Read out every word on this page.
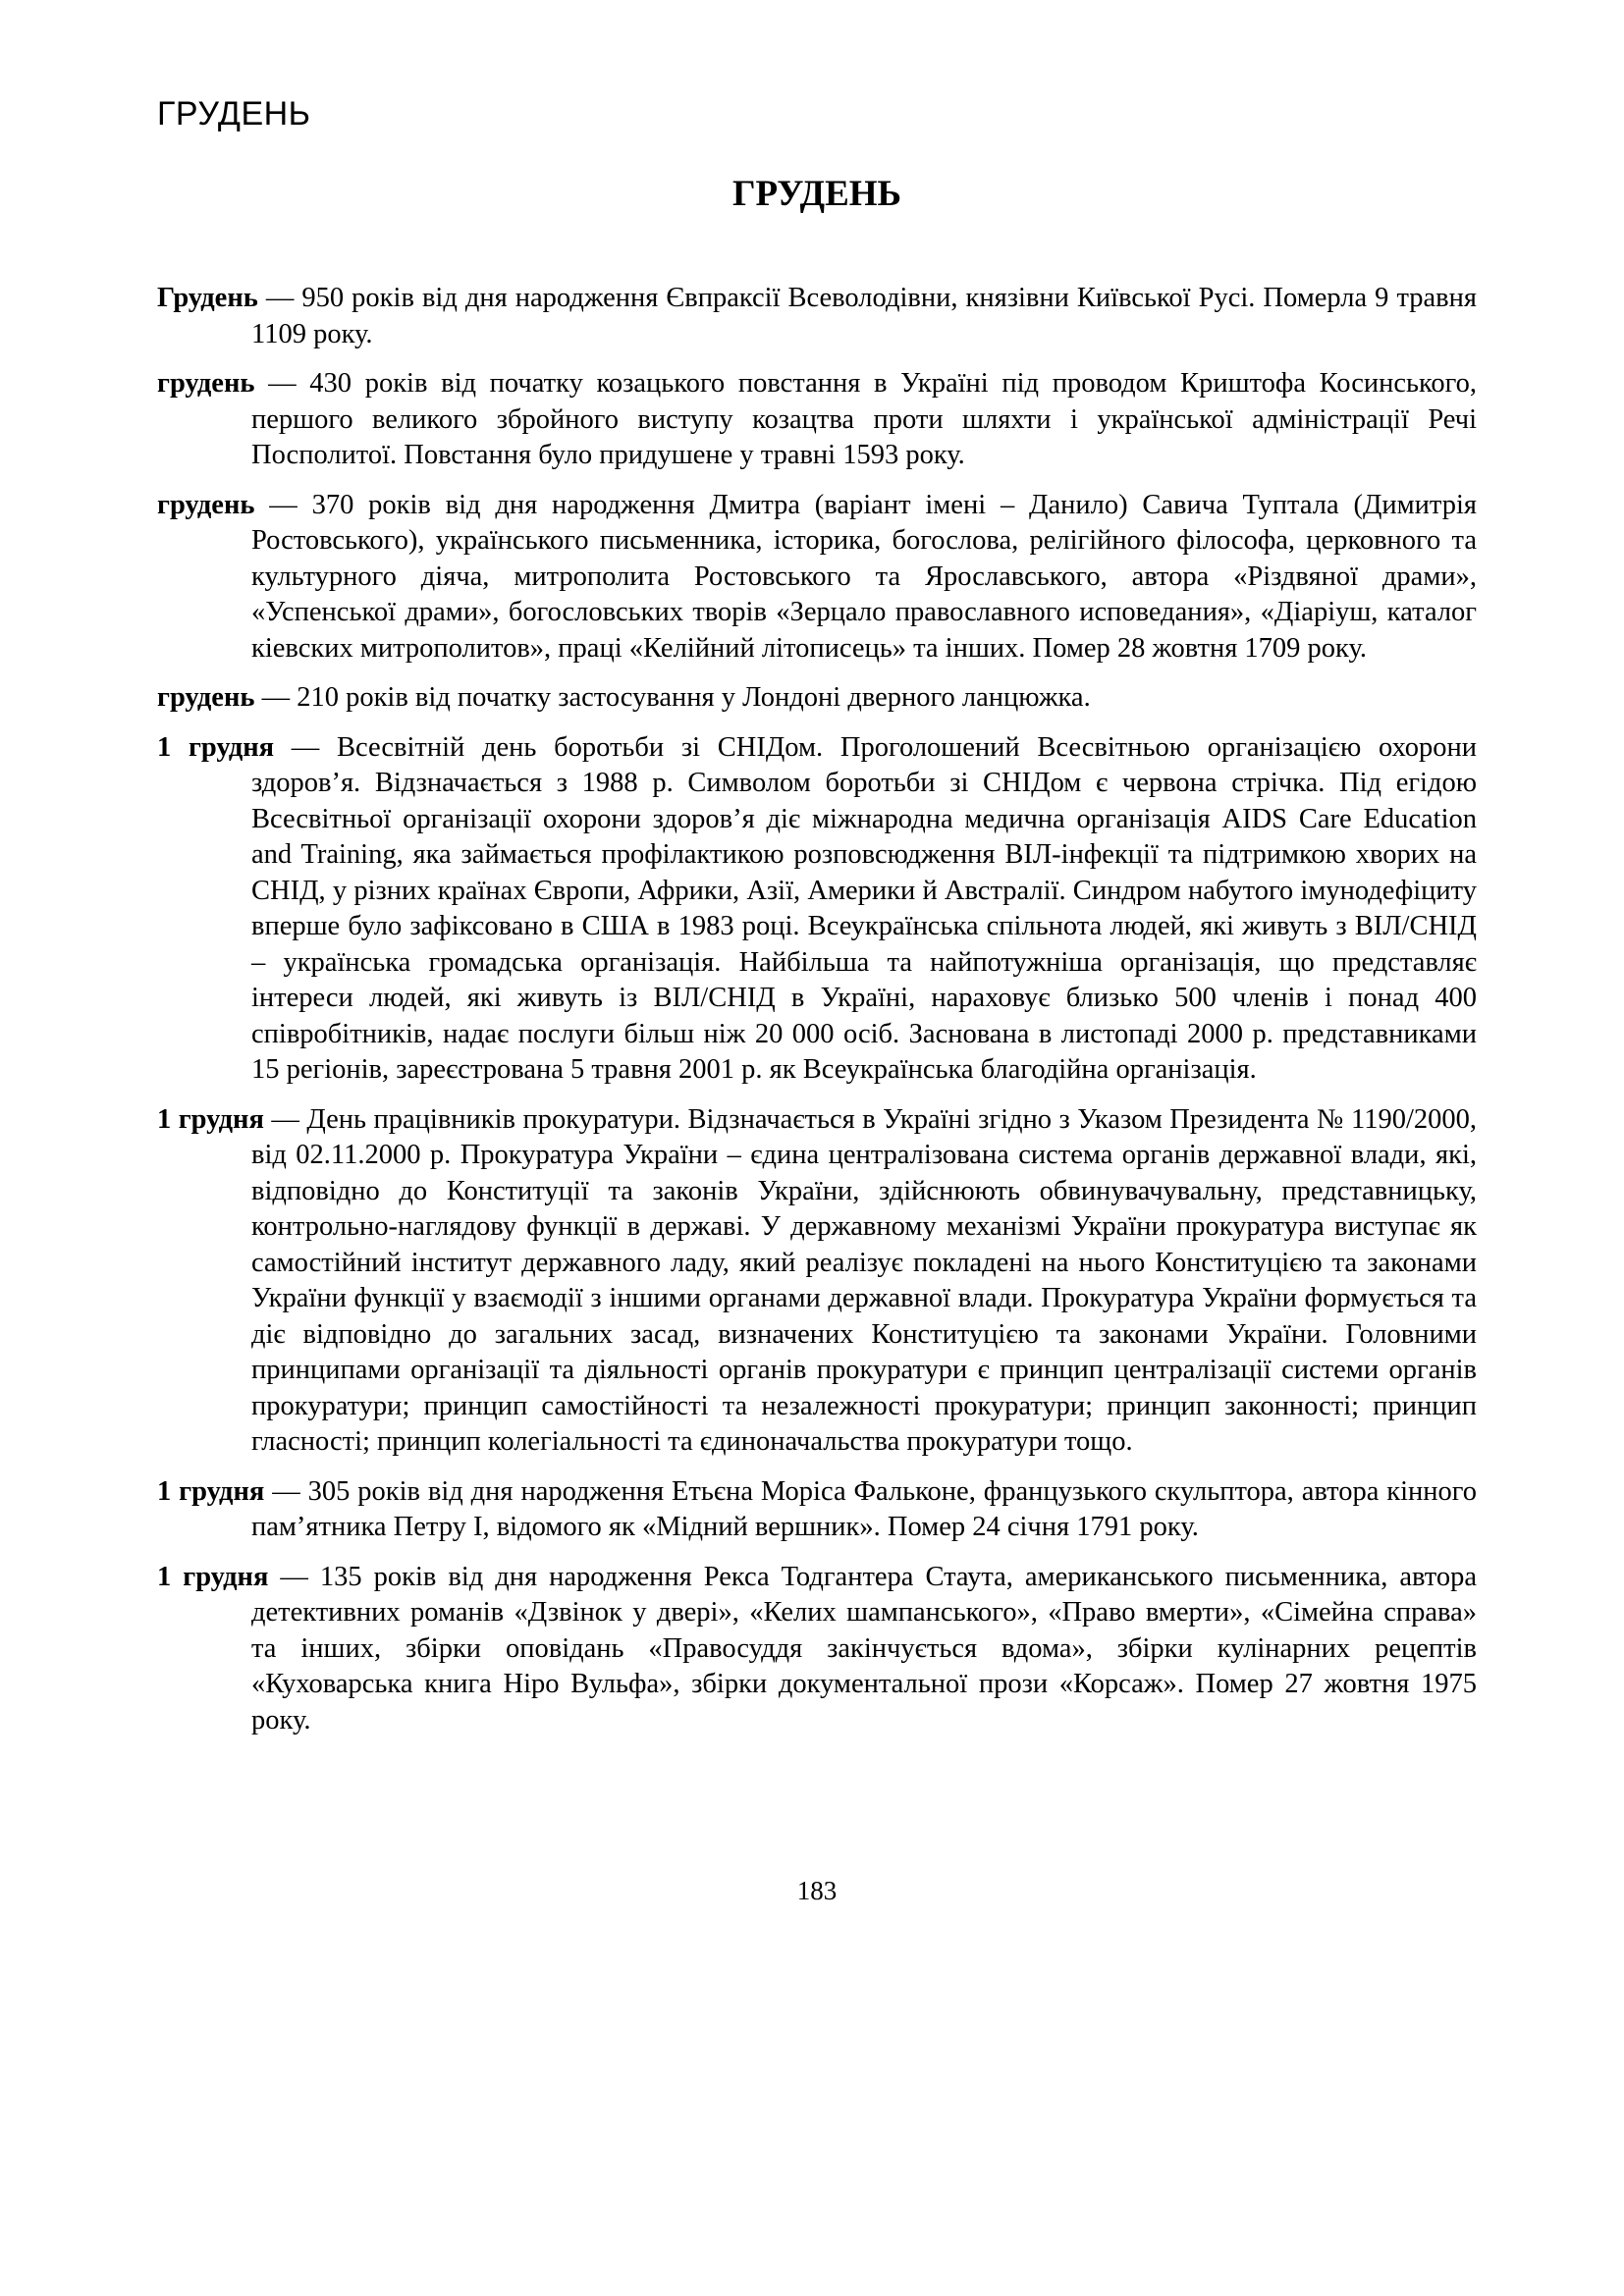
ГРУДЕНЬ
ГРУДЕНЬ

Грудень — 950 років від дня народження Євпраксії Всеволодівни, князівни Київської Русі. Померла 9 травня 1109 року.

грудень — 430 років від початку козацького повстання в Україні під проводом Криштофа Косинського, першого великого збройного виступу козацтва проти шляхти і української адміністрації Речі Посполитої. Повстання було придушене у травні 1593 року.

грудень — 370 років від дня народження Дмитра (варіант імені – Данило) Савича Туптала (Димитрія Ростовського), українського письменника, історика, богослова, релігійного філософа, церковного та культурного діяча, митрополита Ростовського та Ярославського, автора «Різдвяної драми», «Успенської драми», богословських творів «Зерцало православного исповедания», «Діаріуш, каталог кіевских митрополитов», праці «Келійний літописець» та інших. Помер 28 жовтня 1709 року.

грудень — 210 років від початку застосування у Лондоні дверного ланцюжка.

1 грудня — Всесвітній день боротьби зі СНІДом. Проголошений Всесвітньою організацією охорони здоров’я. Відзначається з 1988 р. Символом боротьби зі СНІДом є червона стрічка. Під егідою Всесвітньої організації охорони здоров’я діє міжнародна медична організація AIDS Care Education and Training, яка займається профілактикою розповсюдження ВІЛ-інфекції та підтримкою хворих на СНІД, у різних країнах Європи, Африки, Азії, Америки й Австралії. Синдром набутого імунодефіциту вперше було зафіксовано в США в 1983 році. Всеукраїнська спільнота людей, які живуть з ВІЛ/СНІД – українська громадська організація. Найбільша та найпотужніша організація, що представляє інтереси людей, які живуть із ВІЛ/СНІД в Україні, нараховує близько 500 членів і понад 400 співробітників, надає послуги більш ніж 20 000 осіб. Заснована в листопаді 2000 р. представниками 15 регіонів, зареєстрована 5 травня 2001 р. як Всеукраїнська благодійна організація.

1 грудня — День працівників прокуратури. Відзначається в Україні згідно з Указом Президента № 1190/2000, від 02.11.2000 р. Прокуратура України – єдина централізована система органів державної влади, які, відповідно до Конституції та законів України, здійснюють обвинувачувальну, представницьку, контрольно-наглядову функції в державі. У державному механізмі України прокуратура виступає як самостійний інститут державного ладу, який реалізує покладені на нього Конституцією та законами України функції у взаємодії з іншими органами державної влади. Прокуратура України формується та діє відповідно до загальних засад, визначених Конституцією та законами України. Головними принципами організації та діяльності органів прокуратури є принцип централізації системи органів прокуратури; принцип самостійності та незалежності прокуратури; принцип законності; принцип гласності; принцип колегіальності та єдиноначальства прокуратури тощо.

1 грудня — 305 років від дня народження Етьєна Моріса Фальконе, французького скульптора, автора кінного пам’ятника Петру І, відомого як «Мідний вершник». Помер 24 січня 1791 року.

1 грудня — 135 років від дня народження Рекса Тодгантера Стаута, американського письменника, автора детективних романів «Дзвінок у двері», «Келих шампанського», «Право вмерти», «Сімейна справа» та інших, збірки оповідань «Правосуддя закінчується вдома», збірки кулінарних рецептів «Куховарська книга Ніро Вульфа», збірки документальної прози «Корсаж». Помер 27 жовтня 1975 року.

183
